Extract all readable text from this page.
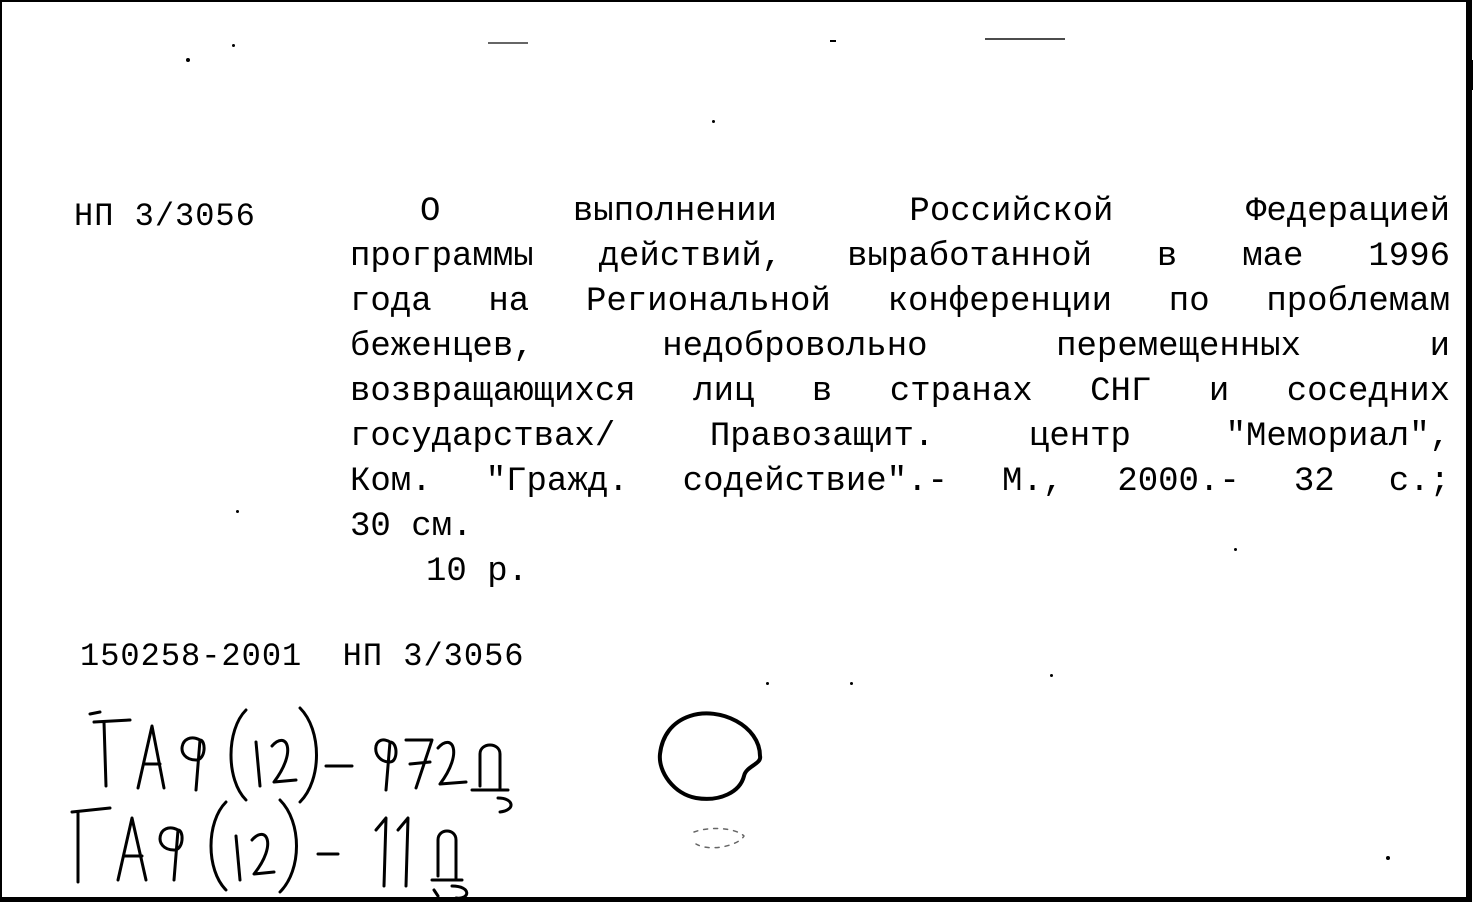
НП 3/3056	О выполнении Российской Федерацией
программы действий, выработанной в мае 1996
года на Региональной конференции по проблемам
беженцев, недобровольно перемещенных и
возвращающихся лиц в странах СНГ и соседних
государствах/ Правозащит. центр "Мемориал",
Ком. "Гражд. содействие".- М., 2000.- 32 с.;
30 см.
10 р.
150258-2001  НП 3/3056
